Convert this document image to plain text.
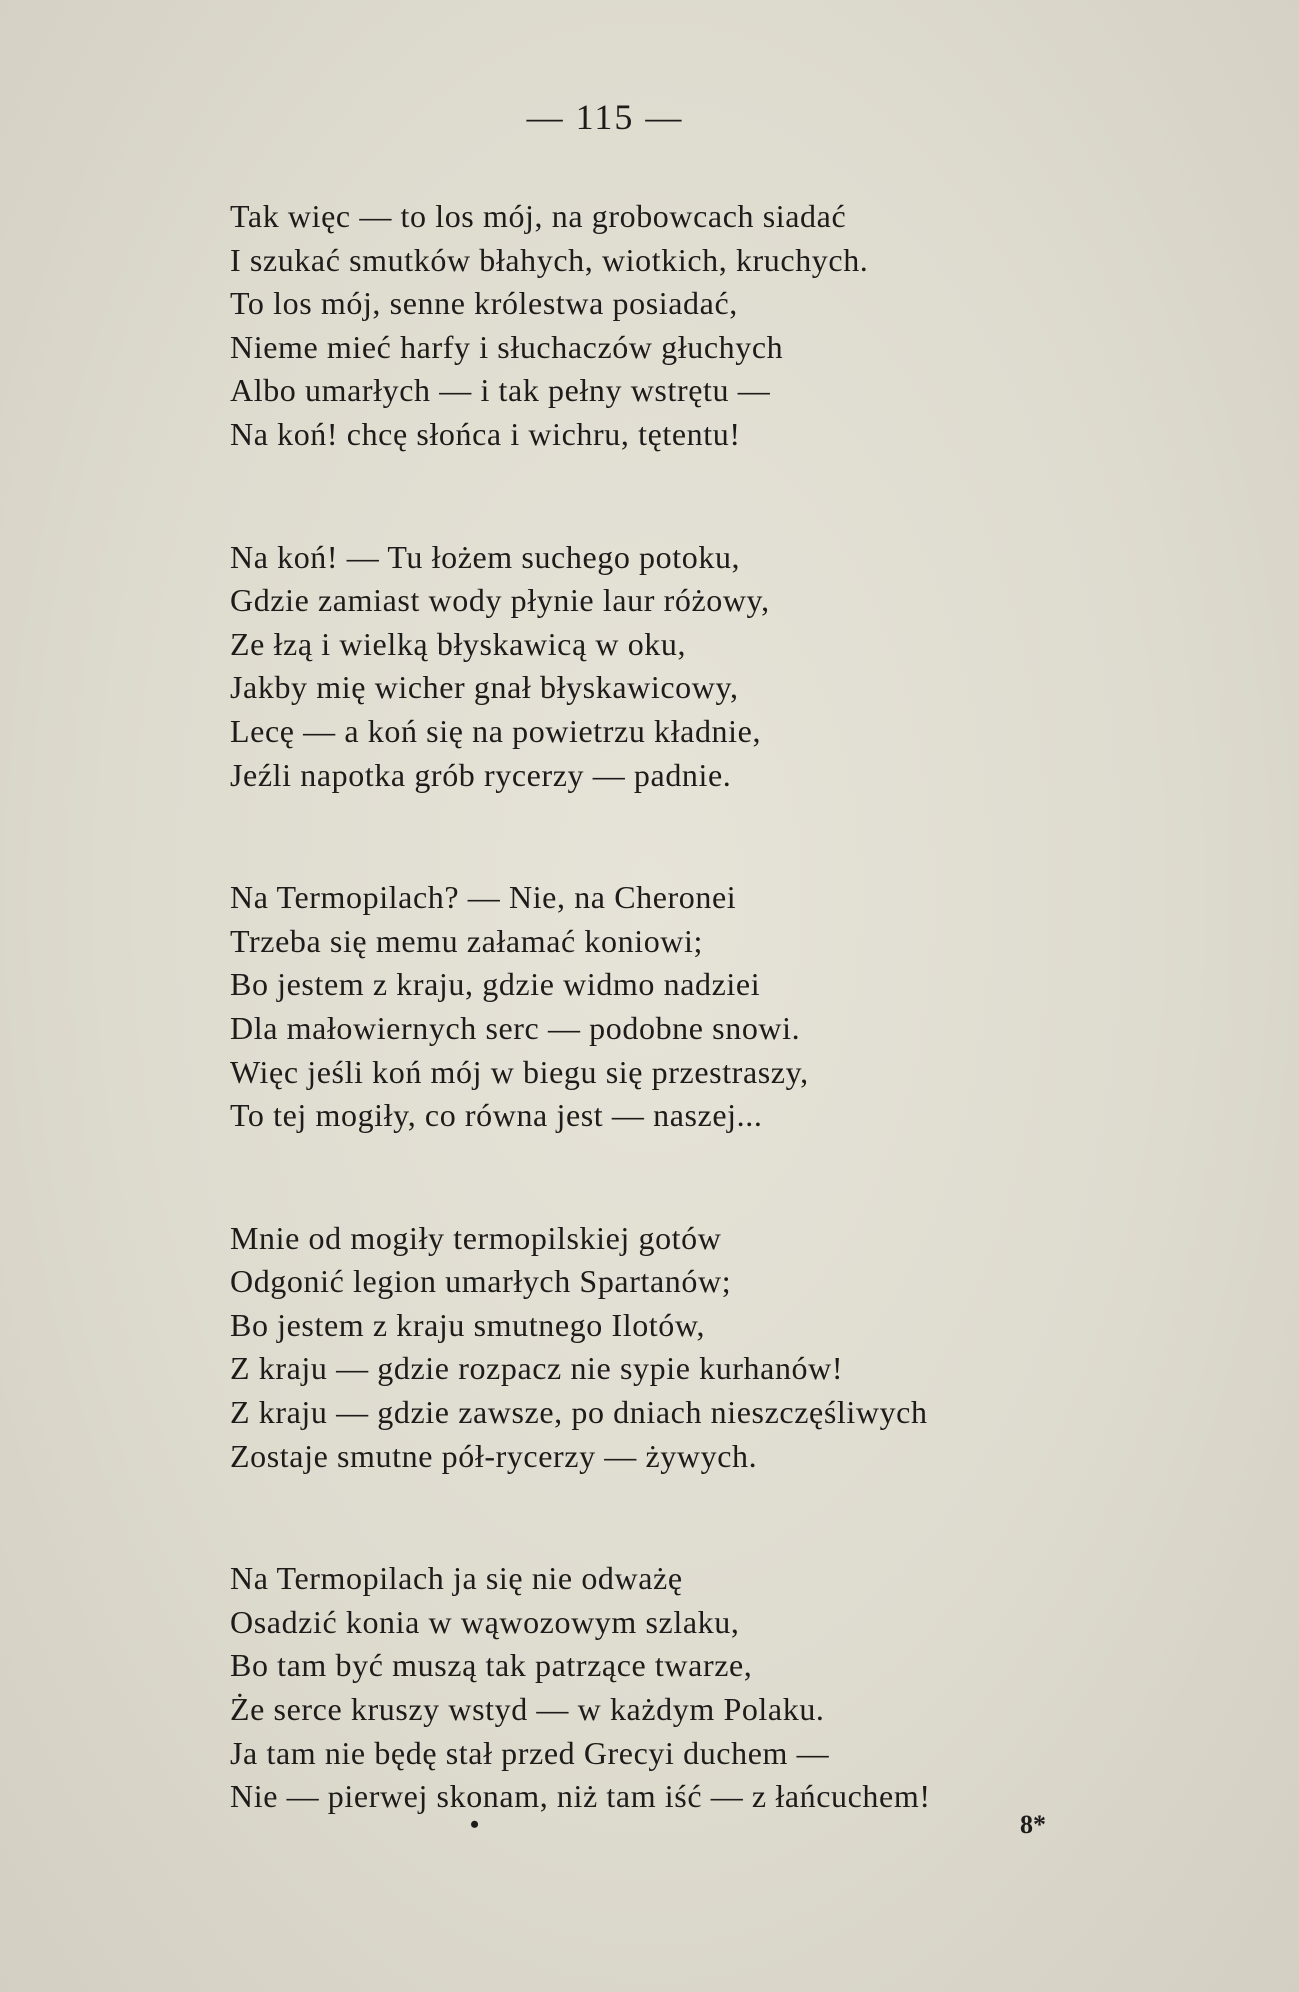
— 115 —
Tak więc — to los mój, na grobowcach siadać
I szukać smutków błahych, wiotkich, kruchych.
To los mój, senne królestwa posiadać,
Nieme mieć harfy i słuchaczów głuchych
Albo umarłych — i tak pełny wstrętu —
Na koń! chcę słońca i wichru, tętentu!
Na koń! — Tu łożem suchego potoku,
Gdzie zamiast wody płynie laur różowy,
Ze łzą i wielką błyskawicą w oku,
Jakby mię wicher gnał błyskawicowy,
Lecę — a koń się na powietrzu kładnie,
Jeźli napotka grób rycerzy — padnie.
Na Termopilach? — Nie, na Cheronei
Trzeba się memu załamać koniowi;
Bo jestem z kraju, gdzie widmo nadziei
Dla małowiernych serc — podobne snowi.
Więc jeśli koń mój w biegu się przestraszy,
To tej mogiły, co równa jest — naszej...
Mnie od mogiły termopilskiej gotów
Odgonić legion umarłych Spartanów;
Bo jestem z kraju smutnego Ilotów,
Z kraju — gdzie rozpacz nie sypie kurhanów!
Z kraju — gdzie zawsze, po dniach nieszczęśliwych
Zostaje smutne pół-rycerzy — żywych.
Na Termopilach ja się nie odważę
Osadzić konia w wąwozowym szlaku,
Bo tam być muszą tak patrzące twarze,
Że serce kruszy wstyd — w każdym Polaku.
Ja tam nie będę stał przed Grecyi duchem —
Nie — pierwej skonam, niż tam iść — z łańcuchem!
•	8*
